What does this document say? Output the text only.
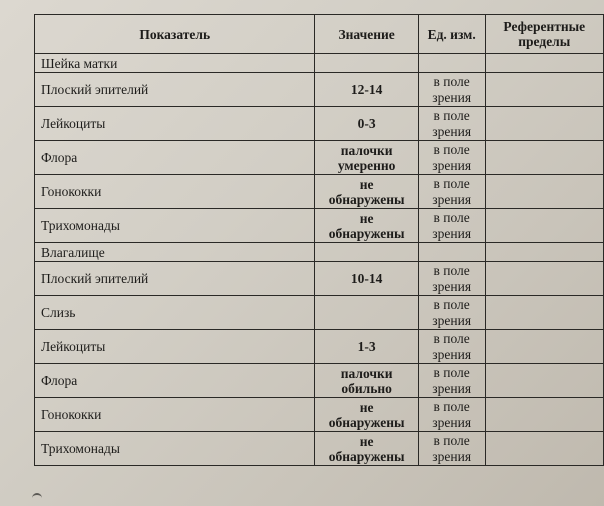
Показатель	Значение	Ед. изм.	Референтные пределы
Шейка матки			
Плоский эпителий	12-14	в поле зрения	
Лейкоциты	0-3	в поле зрения	
Флора	палочки умеренно	в поле зрения	
Гонококки	не обнаружены	в поле зрения	
Трихомонады	не обнаружены	в поле зрения	
Влагалище			
Плоский эпителий	10-14	в поле зрения	
Слизь		в поле зрения	
Лейкоциты	1-3	в поле зрения	
Флора	палочки обильно	в поле зрения	
Гонококки	не обнаружены	в поле зрения	
Трихомонады	не обнаружены	в поле зрения	
